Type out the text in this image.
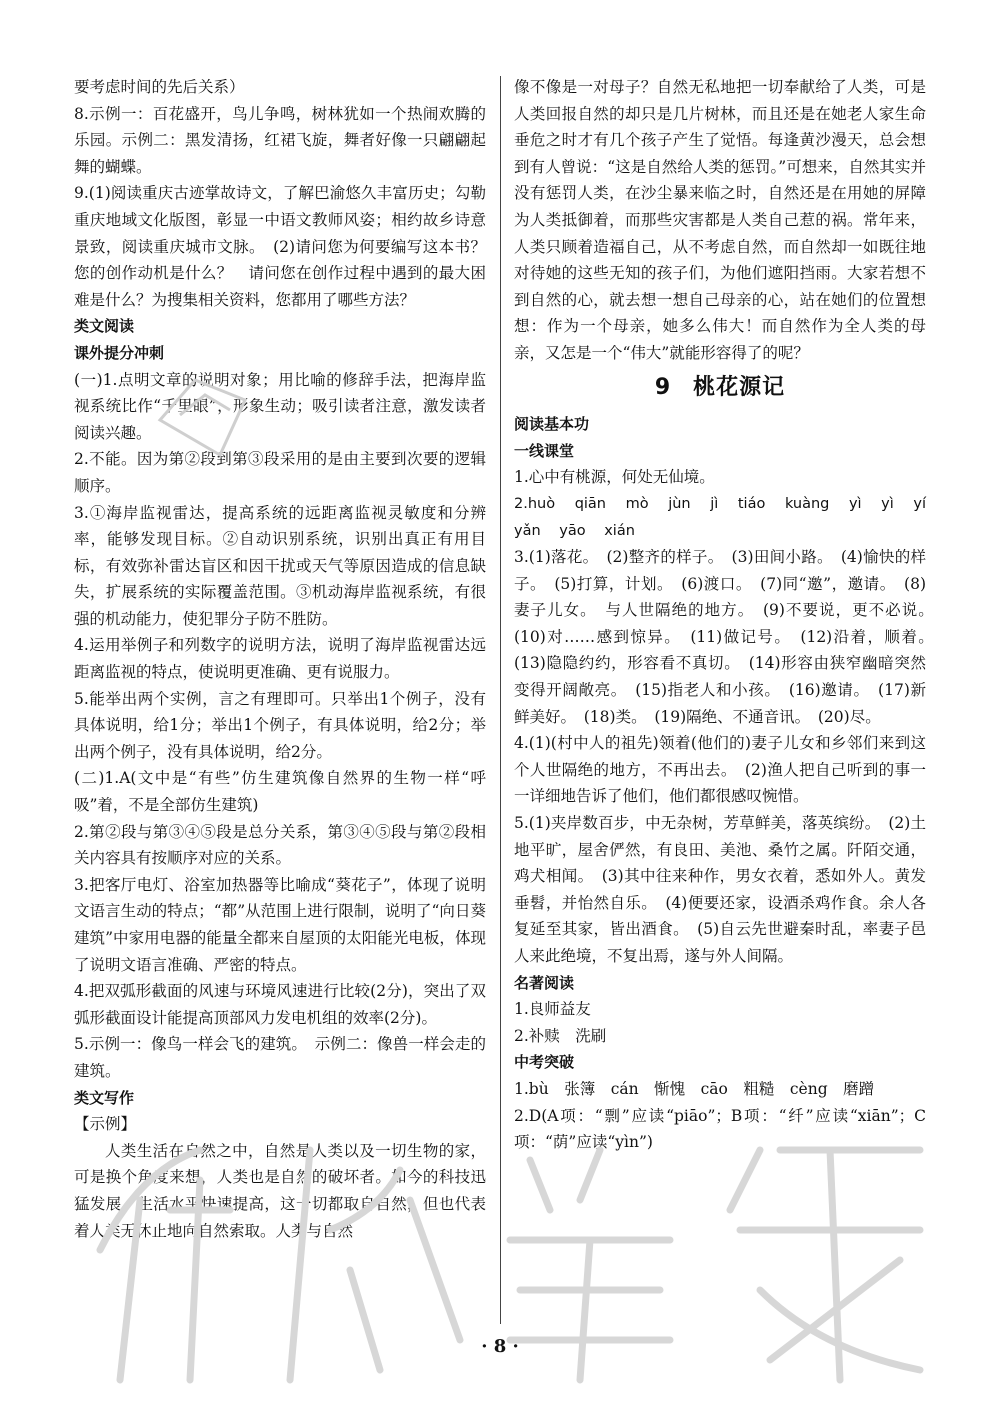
要考虑时间的先后关系）

8.示例一：百花盛开，鸟儿争鸣，树林犹如一个热闹欢腾的乐园。示例二：黑发清扬，红裙飞旋，舞者好像一只翩翩起舞的蝴蝶。

9.(1)阅读重庆古迹掌故诗文，了解巴渝悠久丰富历史；勾勒重庆地域文化版图，彰显一中语文教师风姿；相约故乡诗意景致，阅读重庆城市文脉。　(2)请问您为何要编写这本书？您的创作动机是什么？　请问您在创作过程中遇到的最大困难是什么？为搜集相关资料，您都用了哪些方法？

类文阅读
课外提分冲刺

(一)1.点明文章的说明对象；用比喻的修辞手法，把海岸监视系统比作“千里眼”，形象生动；吸引读者注意，激发读者阅读兴趣。

2.不能。因为第②段到第③段采用的是由主要到次要的逻辑顺序。

3.①海岸监视雷达，提高系统的远距离监视灵敏度和分辨率，能够发现目标。②自动识别系统，识别出真正有用目标，有效弥补雷达盲区和因干扰或天气等原因造成的信息缺失，扩展系统的实际覆盖范围。③机动海岸监视系统，有很强的机动能力，使犯罪分子防不胜防。

4.运用举例子和列数字的说明方法，说明了海岸监视雷达远距离监视的特点，使说明更准确、更有说服力。

5.能举出两个实例，言之有理即可。只举出1个例子，没有具体说明，给1分；举出1个例子，有具体说明，给2分；举出两个例子，没有具体说明，给2分。

(二)1.A(文中是“有些”仿生建筑像自然界的生物一样“呼吸”着，不是全部仿生建筑)

2.第②段与第③④⑤段是总分关系，第③④⑤段与第②段相关内容具有按顺序对应的关系。

3.把客厅电灯、浴室加热器等比喻成“葵花子”，体现了说明文语言生动的特点；“都”从范围上进行限制，说明了“向日葵建筑”中家用电器的能量全都来自屋顶的太阳能光电板，体现了说明文语言准确、严密的特点。

4.把双弧形截面的风速与环境风速进行比较(2分)，突出了双弧形截面设计能提高顶部风力发电机组的效率(2分)。

5.示例一：像鸟一样会飞的建筑。　示例二：像兽一样会走的建筑。

类文写作

【示例】

人类生活在自然之中，自然是人类以及一切生物的家，可是换个角度来想，人类也是自然的破坏者。如今的科技迅猛发展、生活水平快速提高，这一切都取自自然，但也代表着人类无休止地向自然索取。人类与自然

像不像是一对母子？自然无私地把一切奉献给了人类，可是人类回报自然的却只是几片树林，而且还是在她老人家生命垂危之时才有几个孩子产生了觉悟。每逢黄沙漫天，总会想到有人曾说：“这是自然给人类的惩罚。”可想来，自然其实并没有惩罚人类，在沙尘暴来临之时，自然还是在用她的屏障为人类抵御着，而那些灾害都是人类自己惹的祸。常年来，人类只顾着造福自己，从不考虑自然，而自然却一如既往地对待她的这些无知的孩子们，为他们遮阳挡雨。大家若想不到自然的心，就去想一想自己母亲的心，站在她们的位置想想：作为一个母亲，她多么伟大！而自然作为全人类的母亲，又怎是一个“伟大”就能形容得了的呢？

9 桃花源记
阅读基本功
一线课堂

1.心中有桃源，何处无仙境。

2.huò qiān mò jùn jì tiáo kuàng yì yì yí yǎn yāo xián

3.(1)落花。　(2)整齐的样子。　(3)田间小路。　(4)愉快的样子。　(5)打算，计划。　(6)渡口。　(7)同“邀”，邀请。　(8)妻子儿女。　与人世隔绝的地方。　(9)不要说，更不必说。　(10)对……感到惊异。　(11)做记号。　(12)沿着，顺着。　(13)隐隐约约，形容看不真切。　(14)形容由狭窄幽暗突然变得开阔敞亮。　(15)指老人和小孩。　(16)邀请。　(17)新鲜美好。　(18)类。　(19)隔绝、不通音讯。　(20)尽。

4.(1)(村中人的祖先)领着(他们的)妻子儿女和乡邻们来到这个人世隔绝的地方，不再出去。　(2)渔人把自己听到的事一一详细地告诉了他们，他们都很感叹惋惜。

5.(1)夹岸数百步，中无杂树，芳草鲜美，落英缤纷。　(2)土地平旷，屋舍俨然，有良田、美池、桑竹之属。阡陌交通，鸡犬相闻。　(3)其中往来种作，男女衣着，悉如外人。黄发垂髫，并怡然自乐。　(4)便要还家，设酒杀鸡作食。余人各复延至其家，皆出酒食。　(5)自云先世避秦时乱，率妻子邑人来此绝境，不复出焉，遂与外人间隔。

名著阅读

1.良师益友

2.补赎　洗刷

中考突破

1.bù　张簿　cán　惭愧　cāo　粗糙　cèng　磨蹭

2.D(A项：“剽”应读“piāo”；B项：“纤”应读“xiān”；C项：“荫”应读“yìn”)

· 8 ·
